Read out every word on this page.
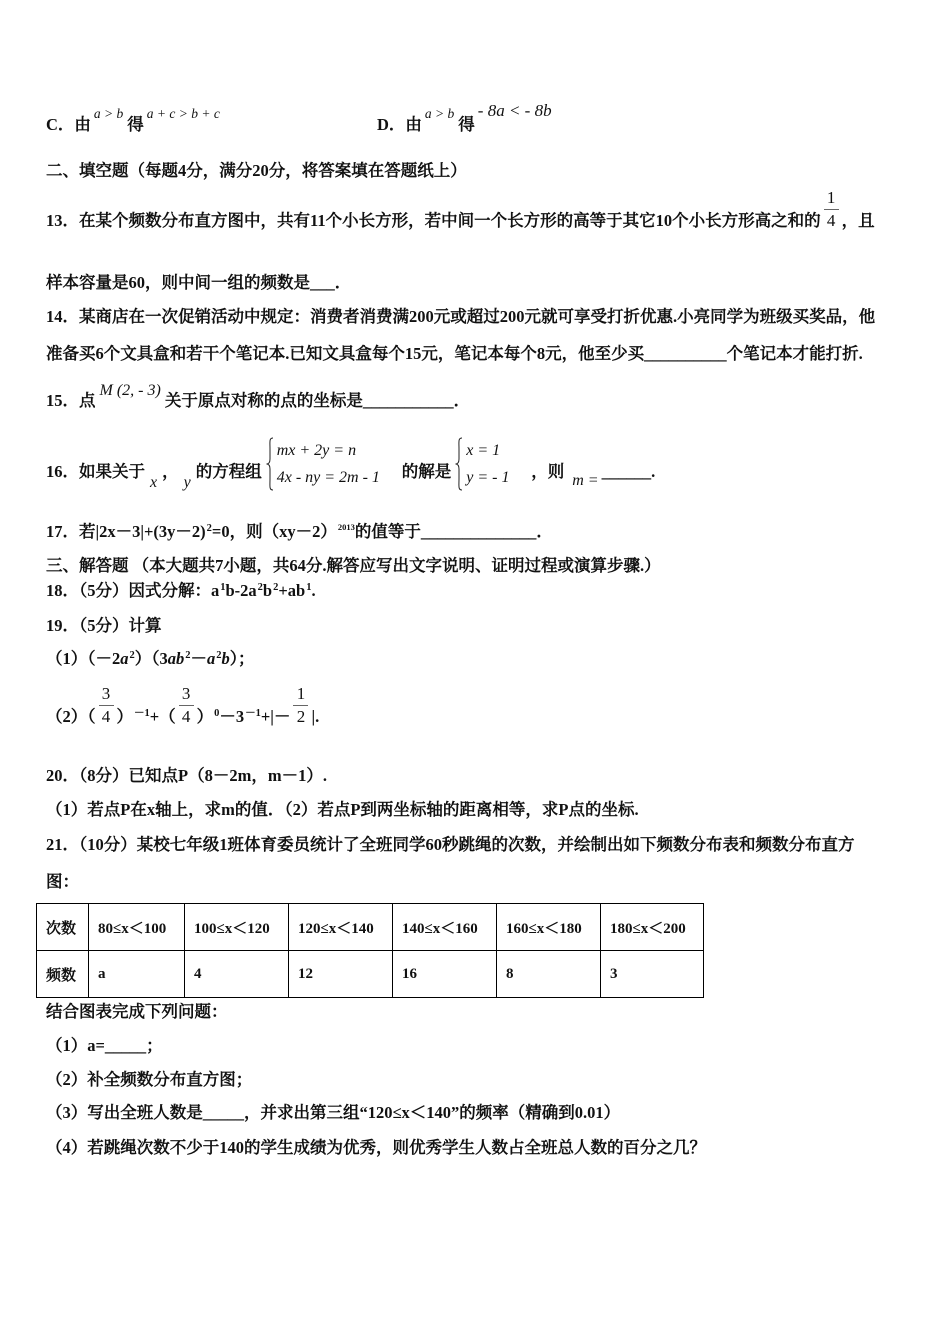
C．由$^{a > b}$得$^{a + c > b + c}$
D．由$^{a > b}$得- 8a < - 8b
二、填空题（每题4分，满分20分，将答案填在答题纸上）
13．在某个频数分布直方图中，共有11个小长方形，若中间一个长方形的高等于其它10个小长方形高之和的 $\frac{1}{4}$ ，且
样本容量是60，则中间一组的频数是___．
14．某商店在一次促销活动中规定：消费者消费满200元或超过200元就可享受打折优惠.小亮同学为班级买奖品，他
准备买6个文具盒和若干个笔记本.已知文具盒每个15元，笔记本每个8元，他至少买__________个笔记本才能打折.
15．点M (2, - 3)关于原点对称的点的坐标是___________．
16．如果关于x，y的方程组
mx + 2y = n
4x - ny = 2m - 1 的解是
x = 1
y = - 1 ，则 m = ______.
17．若$|2x-3|+(3y-2)^2=0$，则$(xy-2)^{2013}$的值等于______________．
三、解答题 （本大题共7小题，共64分.解答应写出文字说明、证明过程或演算步骤.）
18．（5分）因式分解：$a^1b-2a^2b^2+ab^1$.
19．（5分）计算
$(1)(-2a^2)(3ab^2-a^2b)$；
$(2)( \frac{3}{4} )^{-1}+( \frac{3}{4} )^0-3^{-1}+|- \frac{1}{2}$ |.
20．（8分）已知点P（8－2m，m－1）.
（1）若点P在x轴上，求m的值．（2）若点P到两坐标轴的距离相等，求P点的坐标.
21．（10分）某校七年级1班体育委员统计了全班同学60秒跳绳的次数，并绘制出如下频数分布表和频数分布直方
图：
次数	80≤x＜100	100≤x＜120	120≤x＜140	140≤x＜160	160≤x＜180	180≤x＜200
频数	a	4	12	16	8	3
结合图表完成下列问题：
（1）a=_____；
（2）补全频数分布直方图；
（3）写出全班人数是_____，并求出第三组“120≤x＜140”的频率（精确到0.01）
（4）若跳绳次数不少于140的学生成绩为优秀，则优秀学生人数占全班总人数的百分之几？
